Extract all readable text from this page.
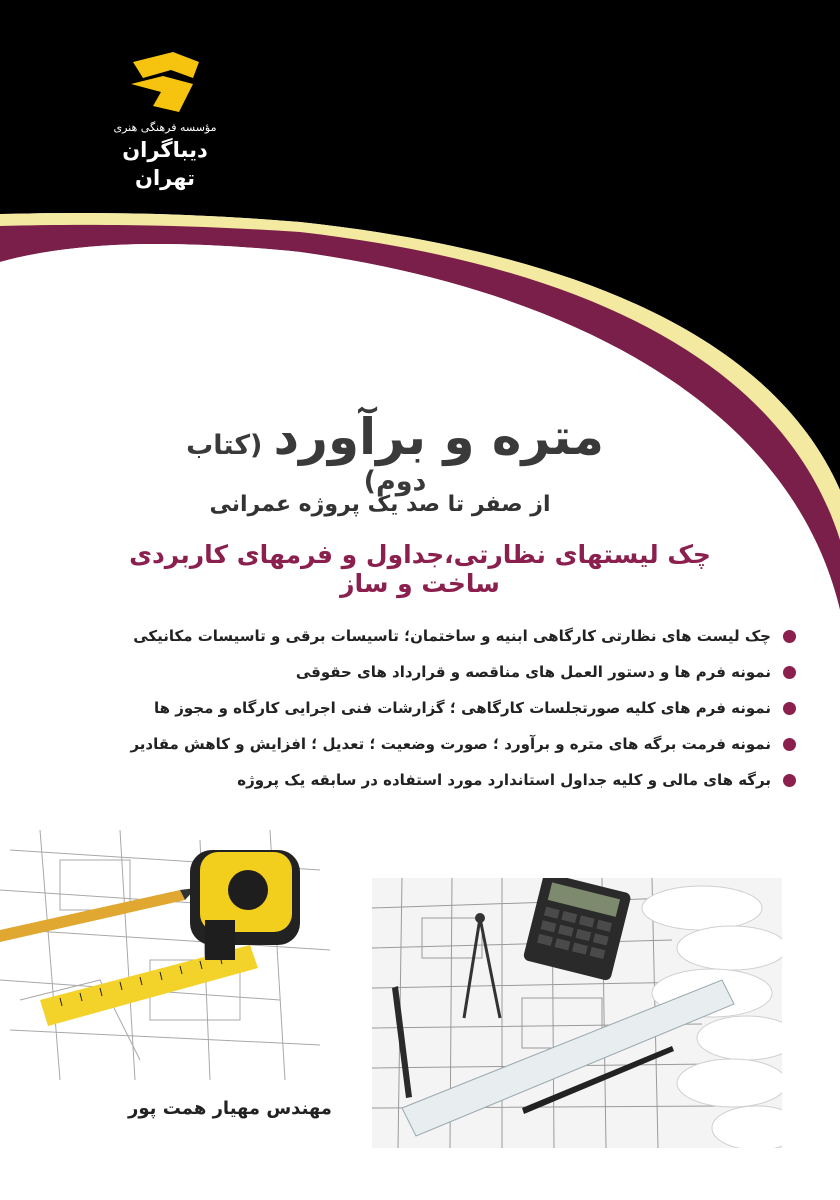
مؤسسه فرهنگی هنری
دیباگران تهران
متره و برآورد (کتاب دوم)
از صفر تا صد یک پروژه عمرانی
چک لیستهای نظارتی،جداول و فرمهای کاربردی ساخت و ساز
چک لیست های نظارتی کارگاهی ابنیه و ساختمان؛ تاسیسات برقی و تاسیسات مکانیکی
نمونه فرم ها و دستور العمل های مناقصه و قرارداد های حقوقی
نمونه فرم های کلیه صورتجلسات کارگاهی ؛ گزارشات فنی اجرایی کارگاه و مجوز ها
نمونه فرمت برگه های متره و برآورد ؛ صورت وضعیت ؛ تعدیل ؛ افزایش و کاهش مقادیر
برگه های مالی و کلیه جداول استاندارد مورد استفاده در سابقه یک پروژه
مهندس مهیار همت پور
